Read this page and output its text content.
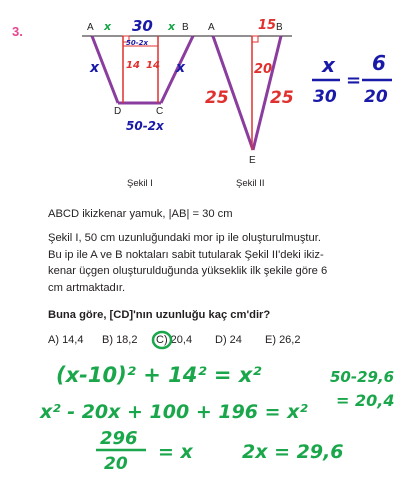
3.	A	B
D	C
A	B
E
30
x	x
50-2x
14 14
x	x
50-2x
15
20
25 25
x
30
=
6
20
Şekil I	Şekil II
ABCD ikizkenar yamuk, |AB| = 30 cm
Şekil I, 50 cm uzunluğundaki mor ip ile oluşturulmuştur.
Bu ip ile A ve B noktaları sabit tutularak Şekil II'deki ikiz-
kenar üçgen oluşturulduğunda yükseklik ilk şekile göre 6
cm artmaktadır.
Buna göre, [CD]'nın uzunluğu kaç cm'dir?
A) 14,4 B) 18,2 C) 20,4 D) 24 E) 26,2
(x-10)² + 14² = x²
x² - 20x + 100 + 196 = x²
296
20
= x	2x = 29,6
50-29,6
= 20,4
